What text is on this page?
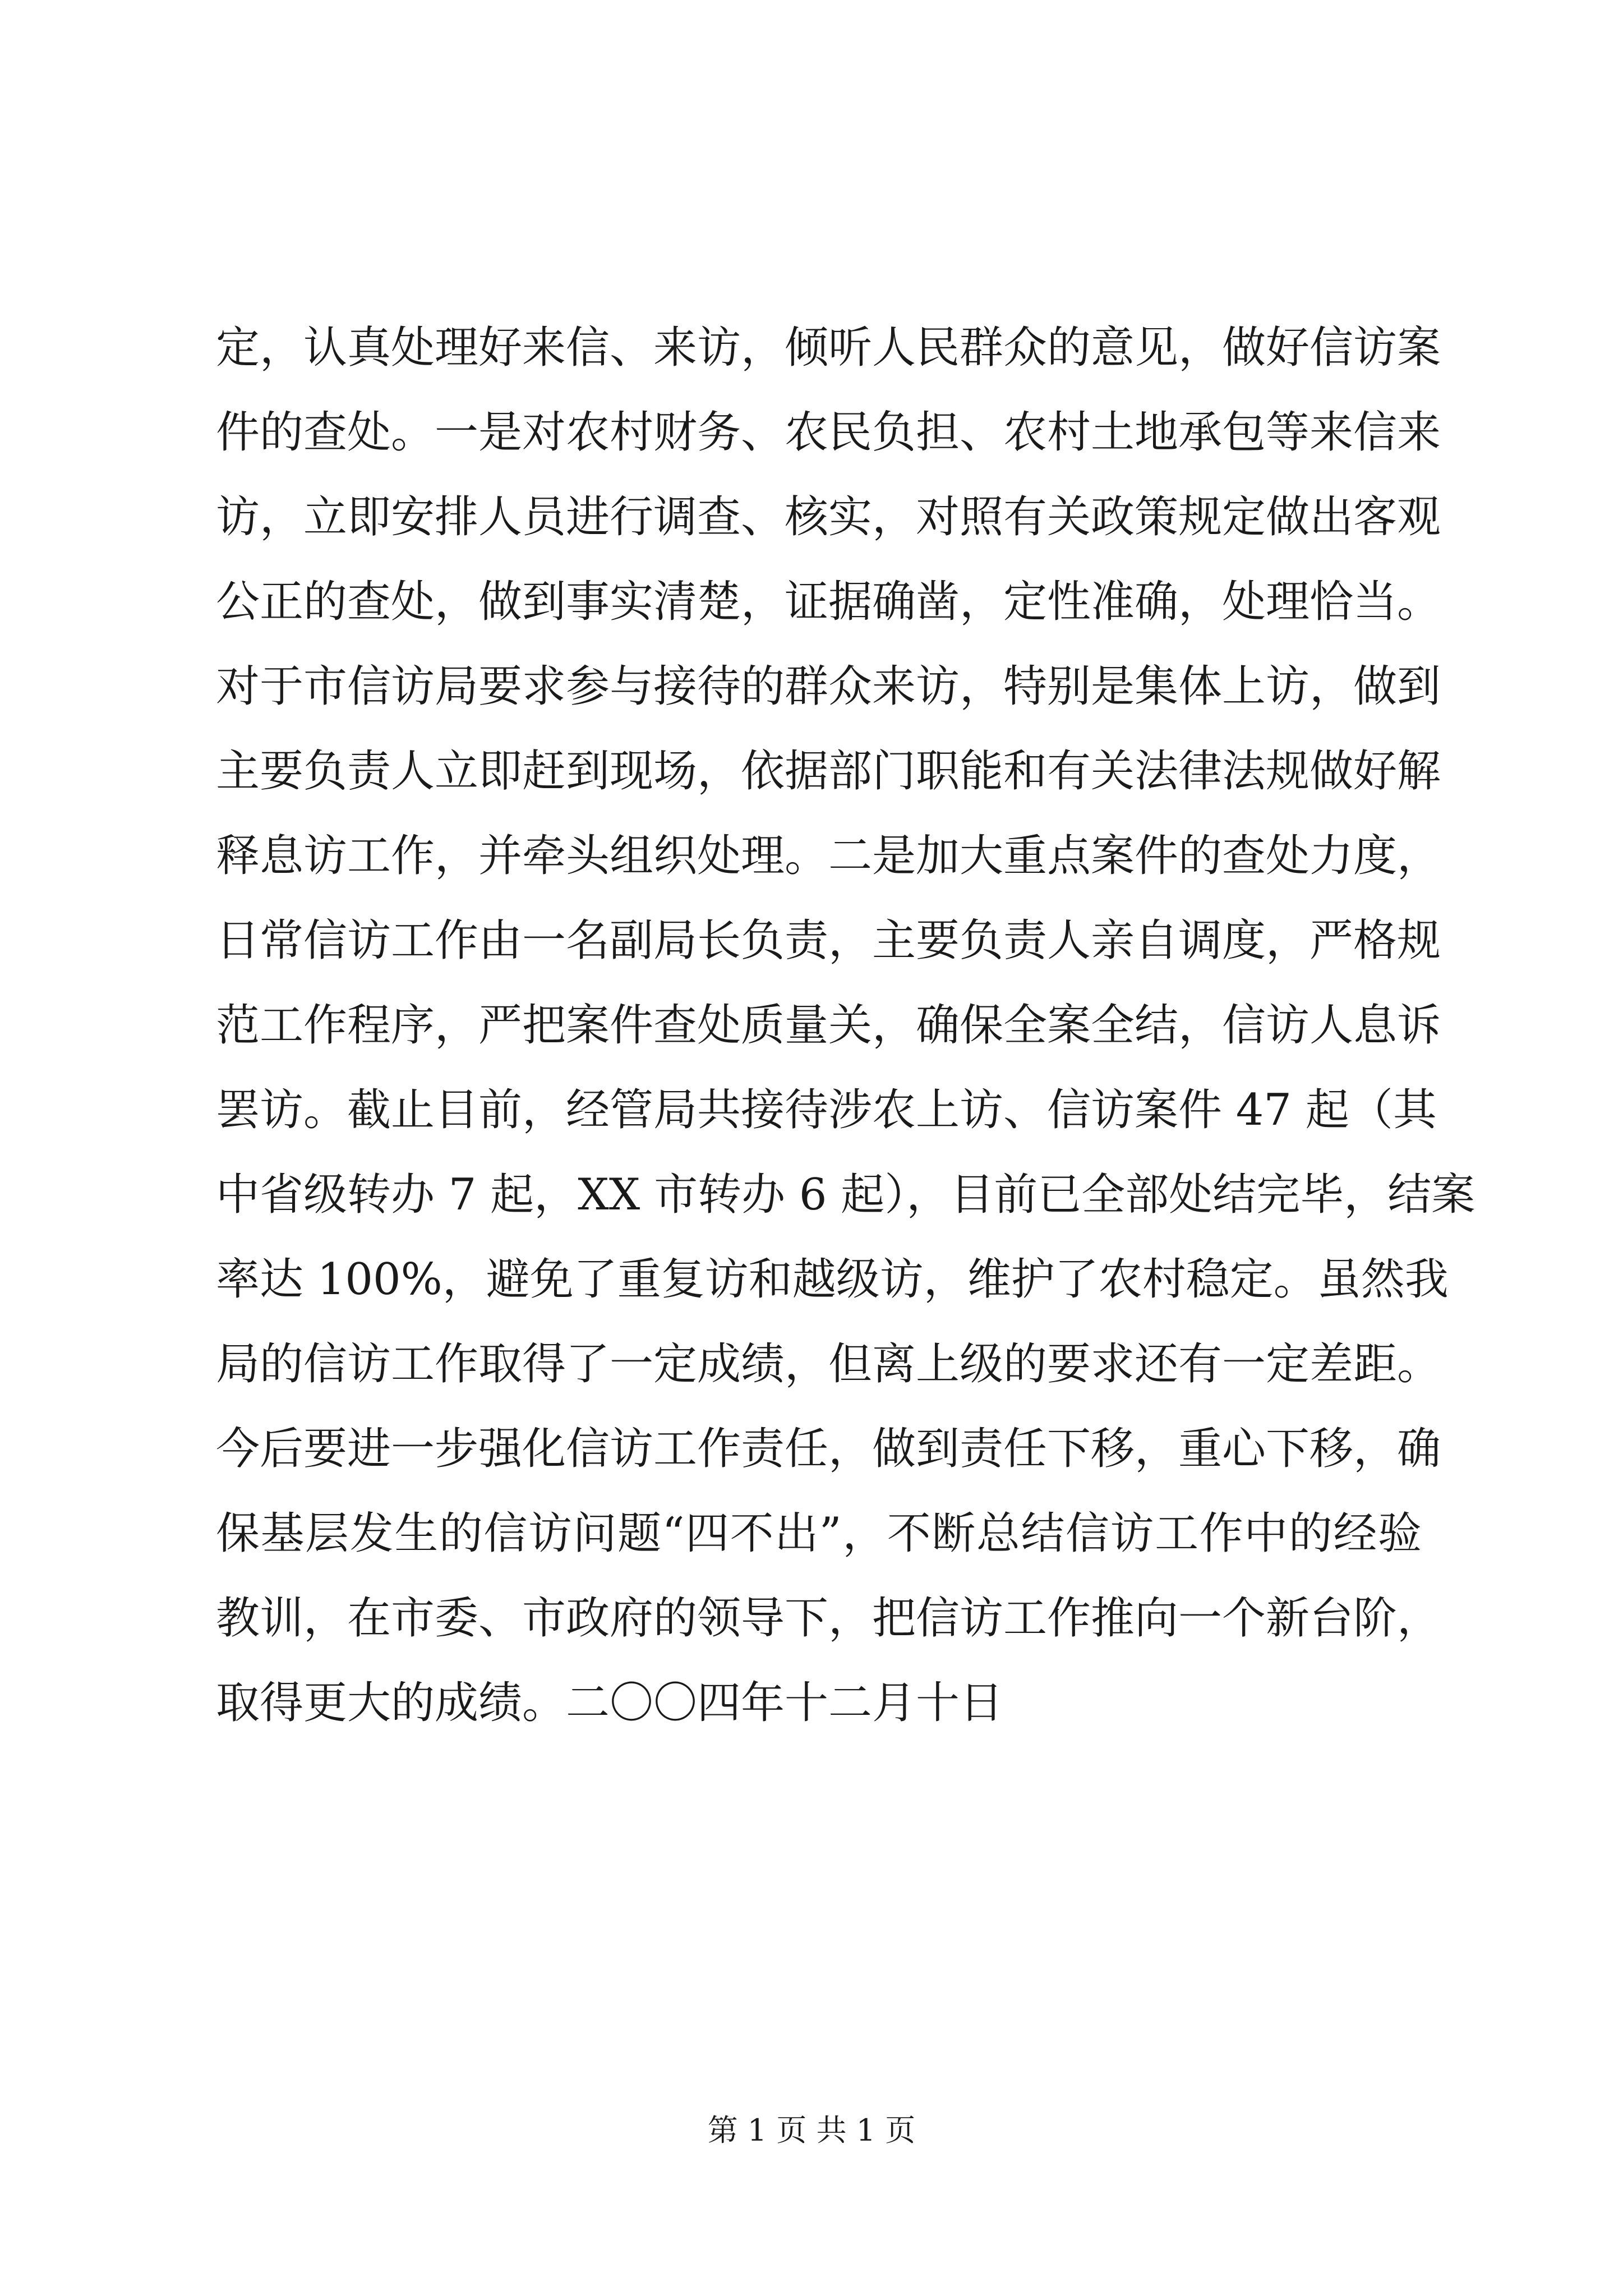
定，认真处理好来信、来访，倾听人民群众的意见，做好信访案
件的查处。一是对农村财务、农民负担、农村土地承包等来信来
访，立即安排人员进行调查、核实，对照有关政策规定做出客观
公正的查处，做到事实清楚，证据确凿，定性准确，处理恰当。
对于市信访局要求参与接待的群众来访，特别是集体上访，做到
主要负责人立即赶到现场，依据部门职能和有关法律法规做好解
释息访工作，并牵头组织处理。二是加大重点案件的查处力度，
日常信访工作由一名副局长负责，主要负责人亲自调度，严格规
范工作程序，严把案件查处质量关，确保全案全结，信访人息诉
罢访。截止目前，经管局共接待涉农上访、信访案件 47 起（其
中省级转办 7 起，XX 市转办 6 起），目前已全部处结完毕，结案
率达 100%，避免了重复访和越级访，维护了农村稳定。虽然我
局的信访工作取得了一定成绩，但离上级的要求还有一定差距。
今后要进一步强化信访工作责任，做到责任下移，重心下移，确
保基层发生的信访问题“四不出”，不断总结信访工作中的经验
教训，在市委、市政府的领导下，把信访工作推向一个新台阶，
取得更大的成绩。二〇〇四年十二月十日
第 1 页 共 1 页
